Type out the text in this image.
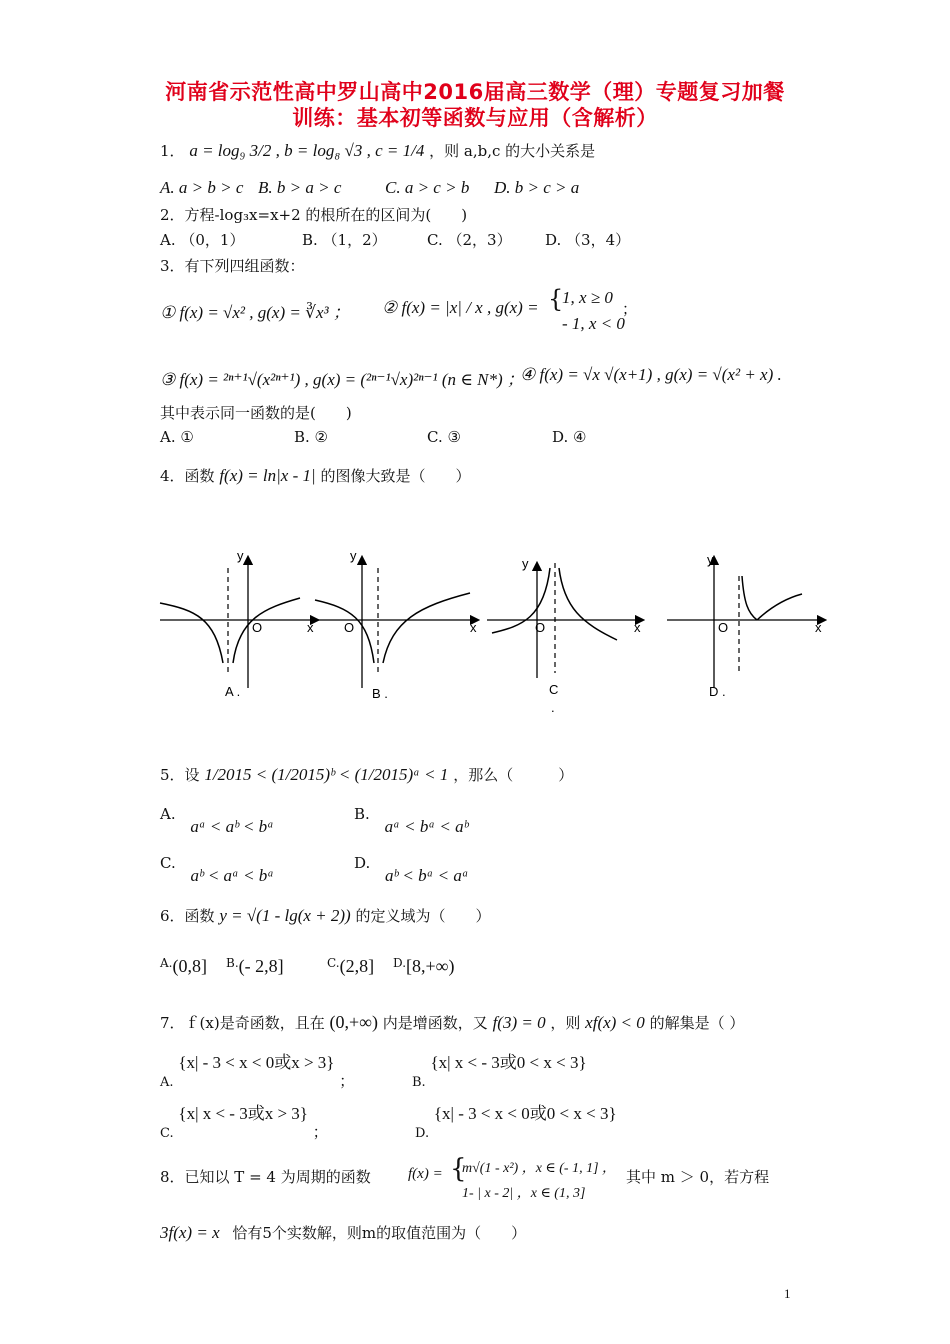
河南省示范性高中罗山高中2016届高三数学（理）专题复习加餐
训练：基本初等函数与应用（含解析）
1． a = log₉ 3/2 , b = log₈ √3 , c = 1/4 ，则 a,b,c 的大小关系是
A. a > b > c B. b > a > c	C. a > c > b D. b > c > a
2．方程-log₃x=x+2 的根所在的区间为(　　)
A. （0，1）	B. （1，2）	C. （2，3） D. （3，4）
3．有下列四组函数：
① f(x) = √x² , g(x) = ∛x³ ； ② f(x) = |x| / x , g(x) = {
1, x ≥ 0
- 1, x < 0
；
③ f(x) = ²ⁿ⁺¹√(x²ⁿ⁺¹) , g(x) = (²ⁿ⁻¹√x)²ⁿ⁻¹ (n ∈ N*) ；
④ f(x) = √x √(x+1) , g(x) = √(x² + x) .
其中表示同一函数的是(　　)
A. ①	B. ②	C. ③	D. ④
4．函数 f(x) = ln|x - 1| 的图像大致是（　　）
y
O	x
A .
y
O	x
B .
y
O	x
C
.
y
O	x
D .
5．设 1/2015 < (1/2015)ᵇ < (1/2015)ᵃ < 1 ，那么（　　　）
A. aᵃ < aᵇ < bᵃ
B. aᵃ < bᵃ < aᵇ
C. aᵇ < aᵃ < bᵃ
D. aᵇ < bᵃ < aᵃ
6．函数 y = √(1 - lg(x + 2)) 的定义域为（　　）
$^{A.}$(0,8] $^{B.}$(- 2,8]	$^{C.}$(2,8] $^{D.}$[8,+∞)
7．ｆ(x)是奇函数，且在 (0,+∞) 内是增函数，又 f(3) = 0 ，则 xf(x) < 0 的解集是（ ）
A. {x| - 3 < x < 0或x > 3} ；	B. {x| x < - 3或0 < x < 3}
C. {x| x < - 3或x > 3} ；	D. {x| - 3 < x < 0或0 < x < 3}
8．已知以 T = 4 为周期的函数 f(x) = {
m√(1 - x²) ，x ∈ (- 1, 1] ，
1- | x - 2| ，x ∈ (1, 3]
其中 m ＞ 0，若方程
3f(x) = x 恰有5个实数解，则m的取值范围为（　　）
1
